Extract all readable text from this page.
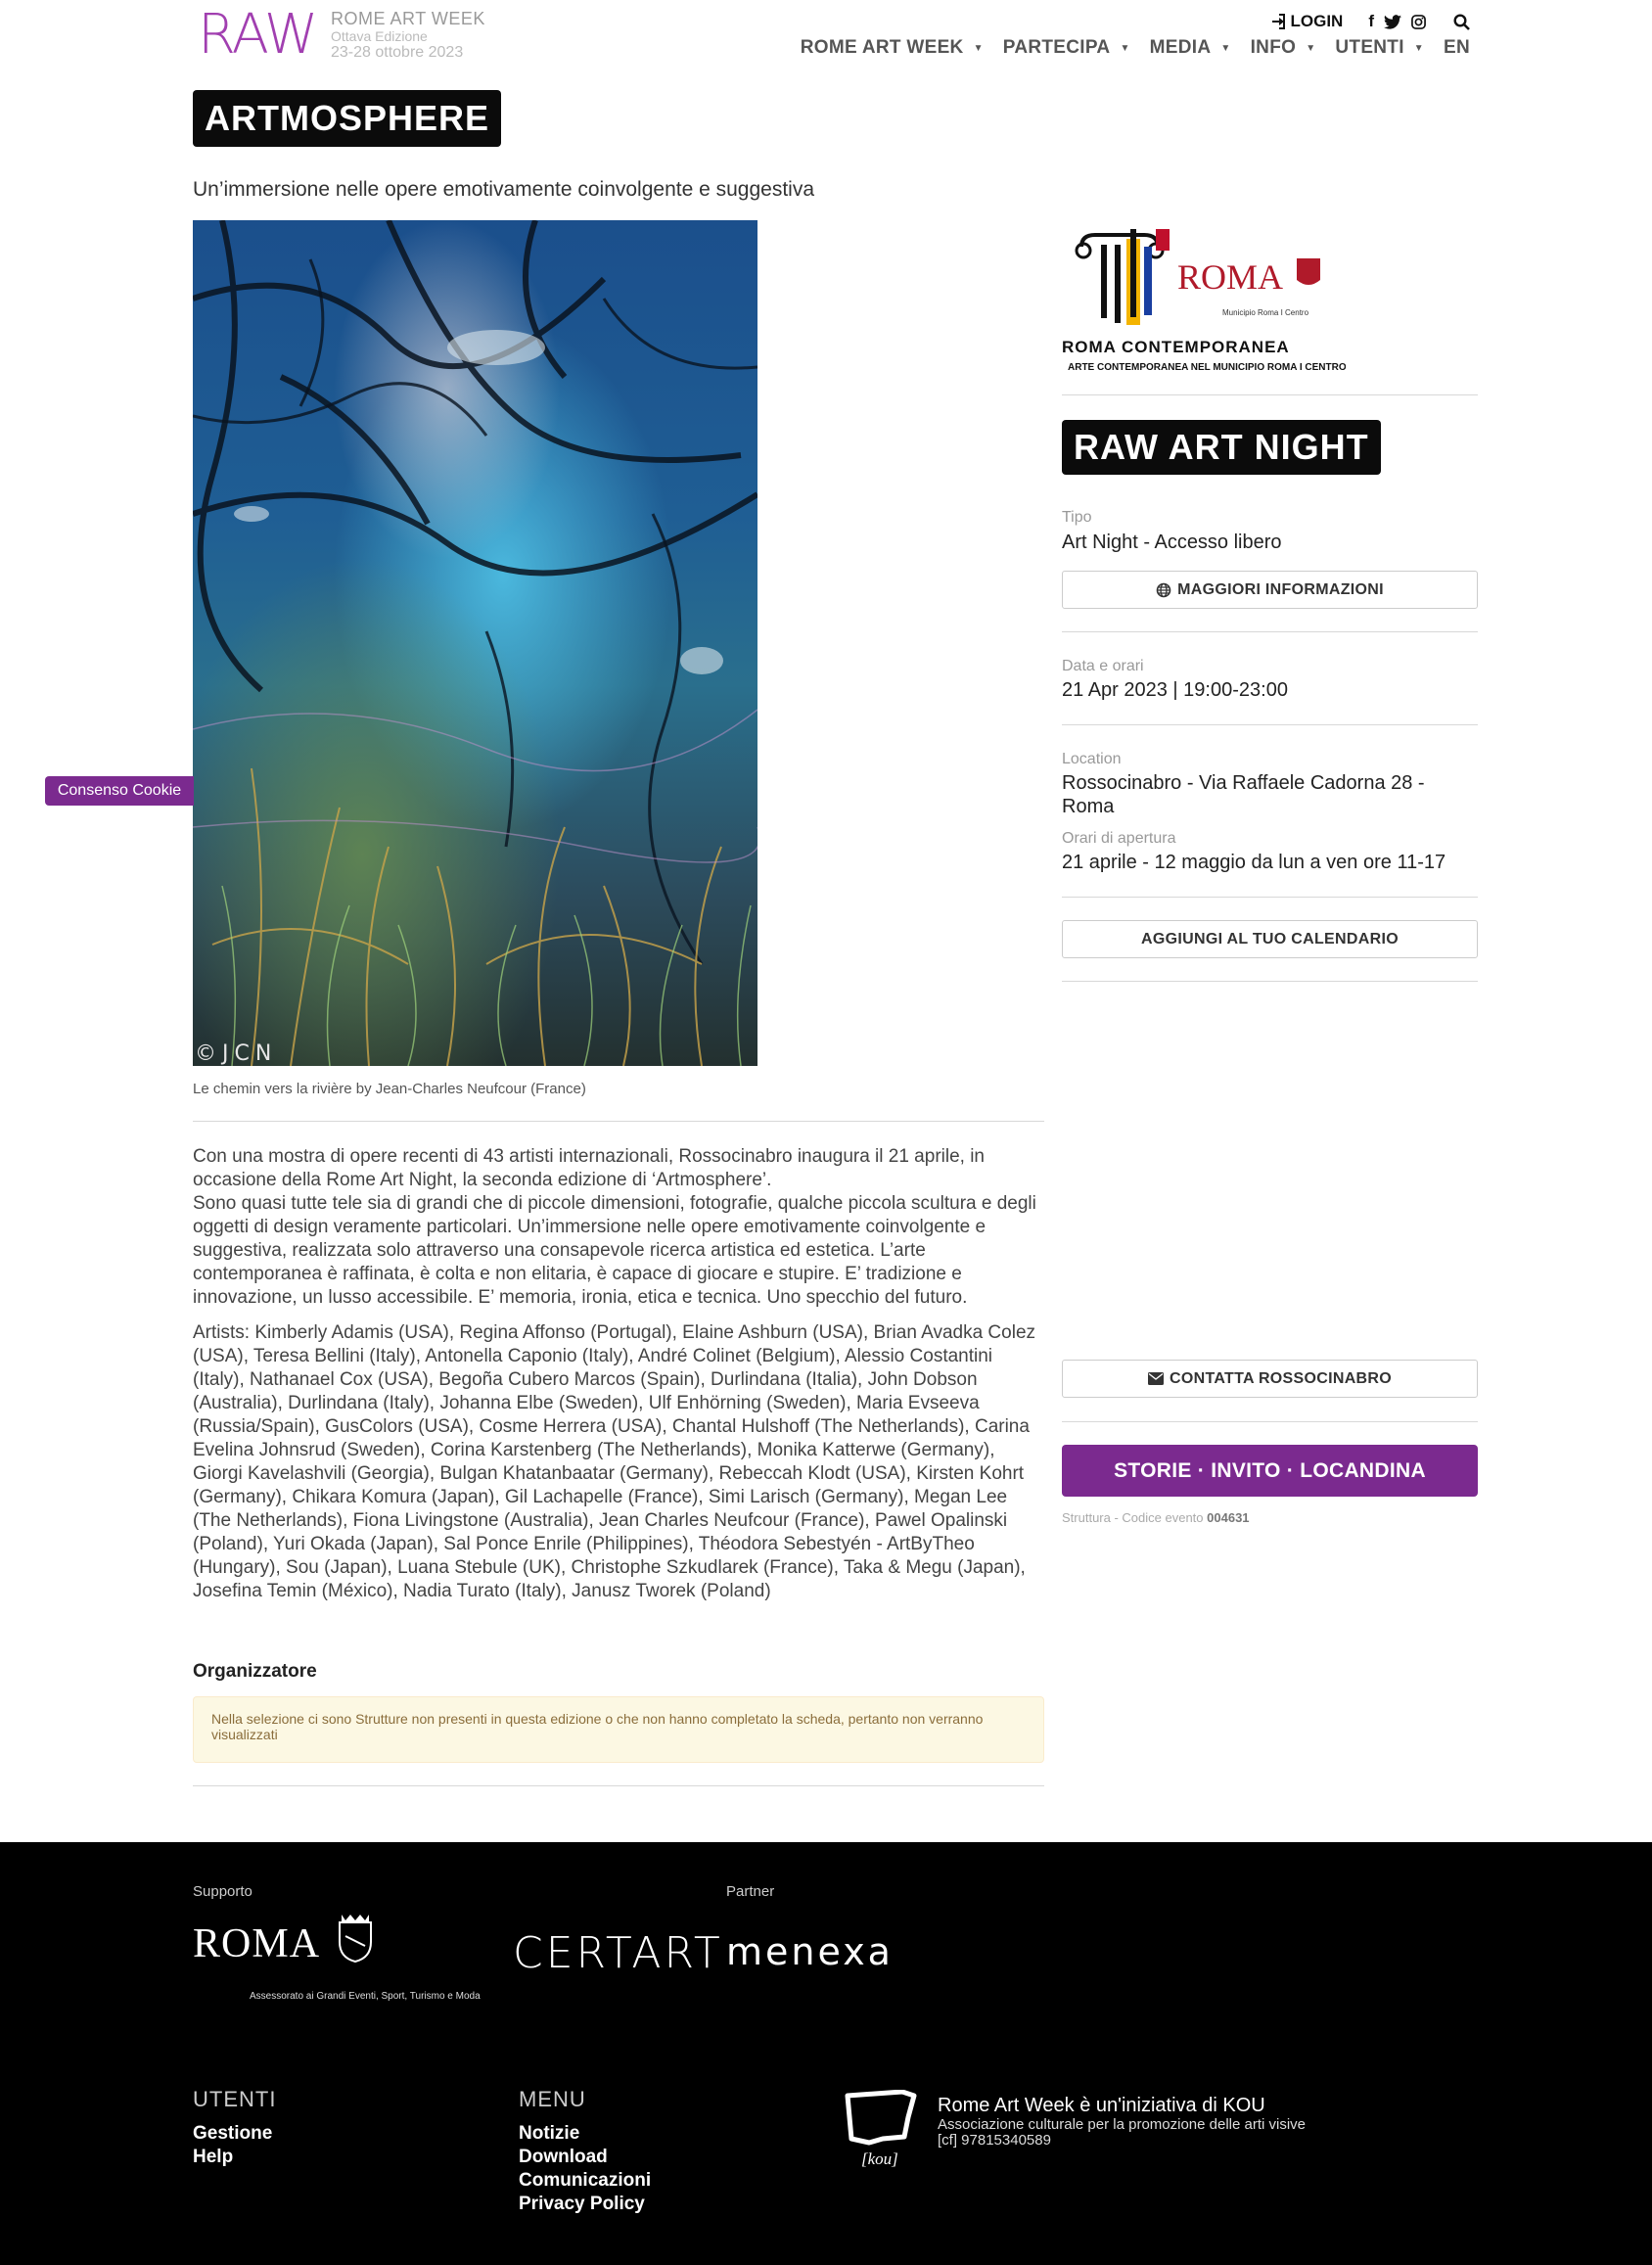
RAW ROME ART WEEK
Ottava Edizione
23-28 ottobre 2023
LOGIN f
ROME ART WEEK ▼ PARTECIPA ▼ MEDIA ▼ INFO ▼ UTENTI ▼ EN
ARTMOSPHERE
Un’immersione nelle opere emotivamente coinvolgente e suggestiva
©JCN
Le chemin vers la rivière by Jean-Charles Neufcour (France)

Con una mostra di opere recenti di 43 artisti internazionali, Rossocinabro inaugura il 21 aprile, in occasione della Rome Art Night, la seconda edizione di ‘Artmosphere’.
Sono quasi tutte tele sia di grandi che di piccole dimensioni, fotografie, qualche piccola scultura e degli oggetti di design veramente particolari. Un’immersione nelle opere emotivamente coinvolgente e suggestiva, realizzata solo attraverso una consapevole ricerca artistica ed estetica. L’arte contemporanea è raffinata, è colta e non elitaria, è capace di giocare e stupire. E’ tradizione e innovazione, un lusso accessibile. E’ memoria, ironia, etica e tecnica. Uno specchio del futuro.

Artists: Kimberly Adamis (USA), Regina Affonso (Portugal), Elaine Ashburn (USA), Brian Avadka Colez (USA), Teresa Bellini (Italy), Antonella Caponio (Italy), André Colinet (Belgium), Alessio Costantini (Italy), Nathanael Cox (USA), Begoña Cubero Marcos (Spain), Durlindana (Italia), John Dobson (Australia), Durlindana (Italy), Johanna Elbe (Sweden), Ulf Enhörning (Sweden), Maria Evseeva (Russia/Spain), GusColors (USA), Cosme Herrera (USA), Chantal Hulshoff (The Netherlands), Carina Evelina Johnsrud (Sweden), Corina Karstenberg (The Netherlands), Monika Katterwe (Germany), Giorgi Kavelashvili (Georgia), Bulgan Khatanbaatar (Germany), Rebeccah Klodt (USA), Kirsten Kohrt (Germany), Chikara Komura (Japan), Gil Lachapelle (France), Simi Larisch (Germany), Megan Lee (The Netherlands), Fiona Livingstone (Australia), Jean Charles Neufcour (France), Pawel Opalinski (Poland), Yuri Okada (Japan), Sal Ponce Enrile (Philippines), Théodora Sebestyén - ArtByTheo (Hungary), Sou (Japan), Luana Stebule (UK), Christophe Szkudlarek (France), Taka & Megu (Japan), Josefina Temin (México), Nadia Turato (Italy), Janusz Tworek (Poland)

Organizzatore
Nella selezione ci sono Strutture non presenti in questa edizione o che non hanno completato la scheda, pertanto non verranno visualizzati
ROMA
Municipio Roma I Centro
ROMA CONTEMPORANEA
ARTE CONTEMPORANEA NEL MUNICIPIO ROMA I CENTRO
RAW ART NIGHT
Tipo
Art Night - Accesso libero
MAGGIORI INFORMAZIONI
Data e orari
21 Apr 2023 | 19:00-23:00
Location
Rossocinabro - Via Raffaele Cadorna 28 - Roma
Orari di apertura
21 aprile - 12 maggio da lun a ven ore 11-17
AGGIUNGI AL TUO CALENDARIO
CONTATTA ROSSOCINABRO
STORIE · INVITO · LOCANDINA
Struttura - Codice evento 004631
Consenso Cookie
Supporto	Partner
ROMA
Assessorato ai Grandi Eventi, Sport, Turismo e Moda
CERTART menexa
UTENTI
Gestione
Help
MENU
Notizie
Download
Comunicazioni
Privacy Policy
[kou]
Rome Art Week è un'iniziativa di KOU
Associazione culturale per la promozione delle arti visive
[cf] 97815340589
